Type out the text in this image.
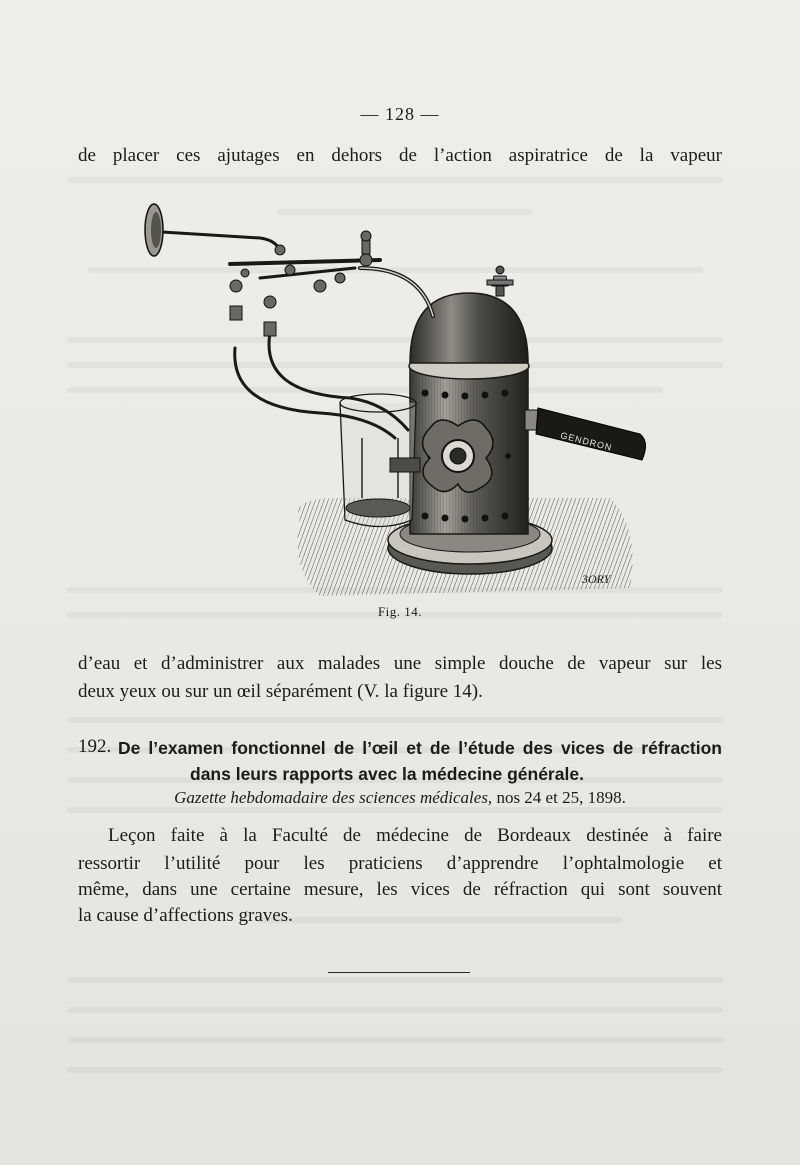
— 128 —
de placer ces ajutages en dehors de l’action aspiratrice de la vapeur
GENDRON
3ORY
Fig. 14.
d’eau et d’administrer aux malades une simple douche de vapeur sur les
deux yeux ou sur un œil séparément (V. la figure 14).
192. De l’examen fonctionnel de l’œil et de l’étude des vices de réfraction
dans leurs rapports avec la médecine générale.
Gazette hebdomadaire des sciences médicales, nos 24 et 25, 1898.
Leçon faite à la Faculté de médecine de Bordeaux destinée à faire
ressortir l’utilité pour les praticiens d’apprendre l’ophtalmologie et
même, dans une certaine mesure, les vices de réfraction qui sont souvent
la cause d’affections graves.
